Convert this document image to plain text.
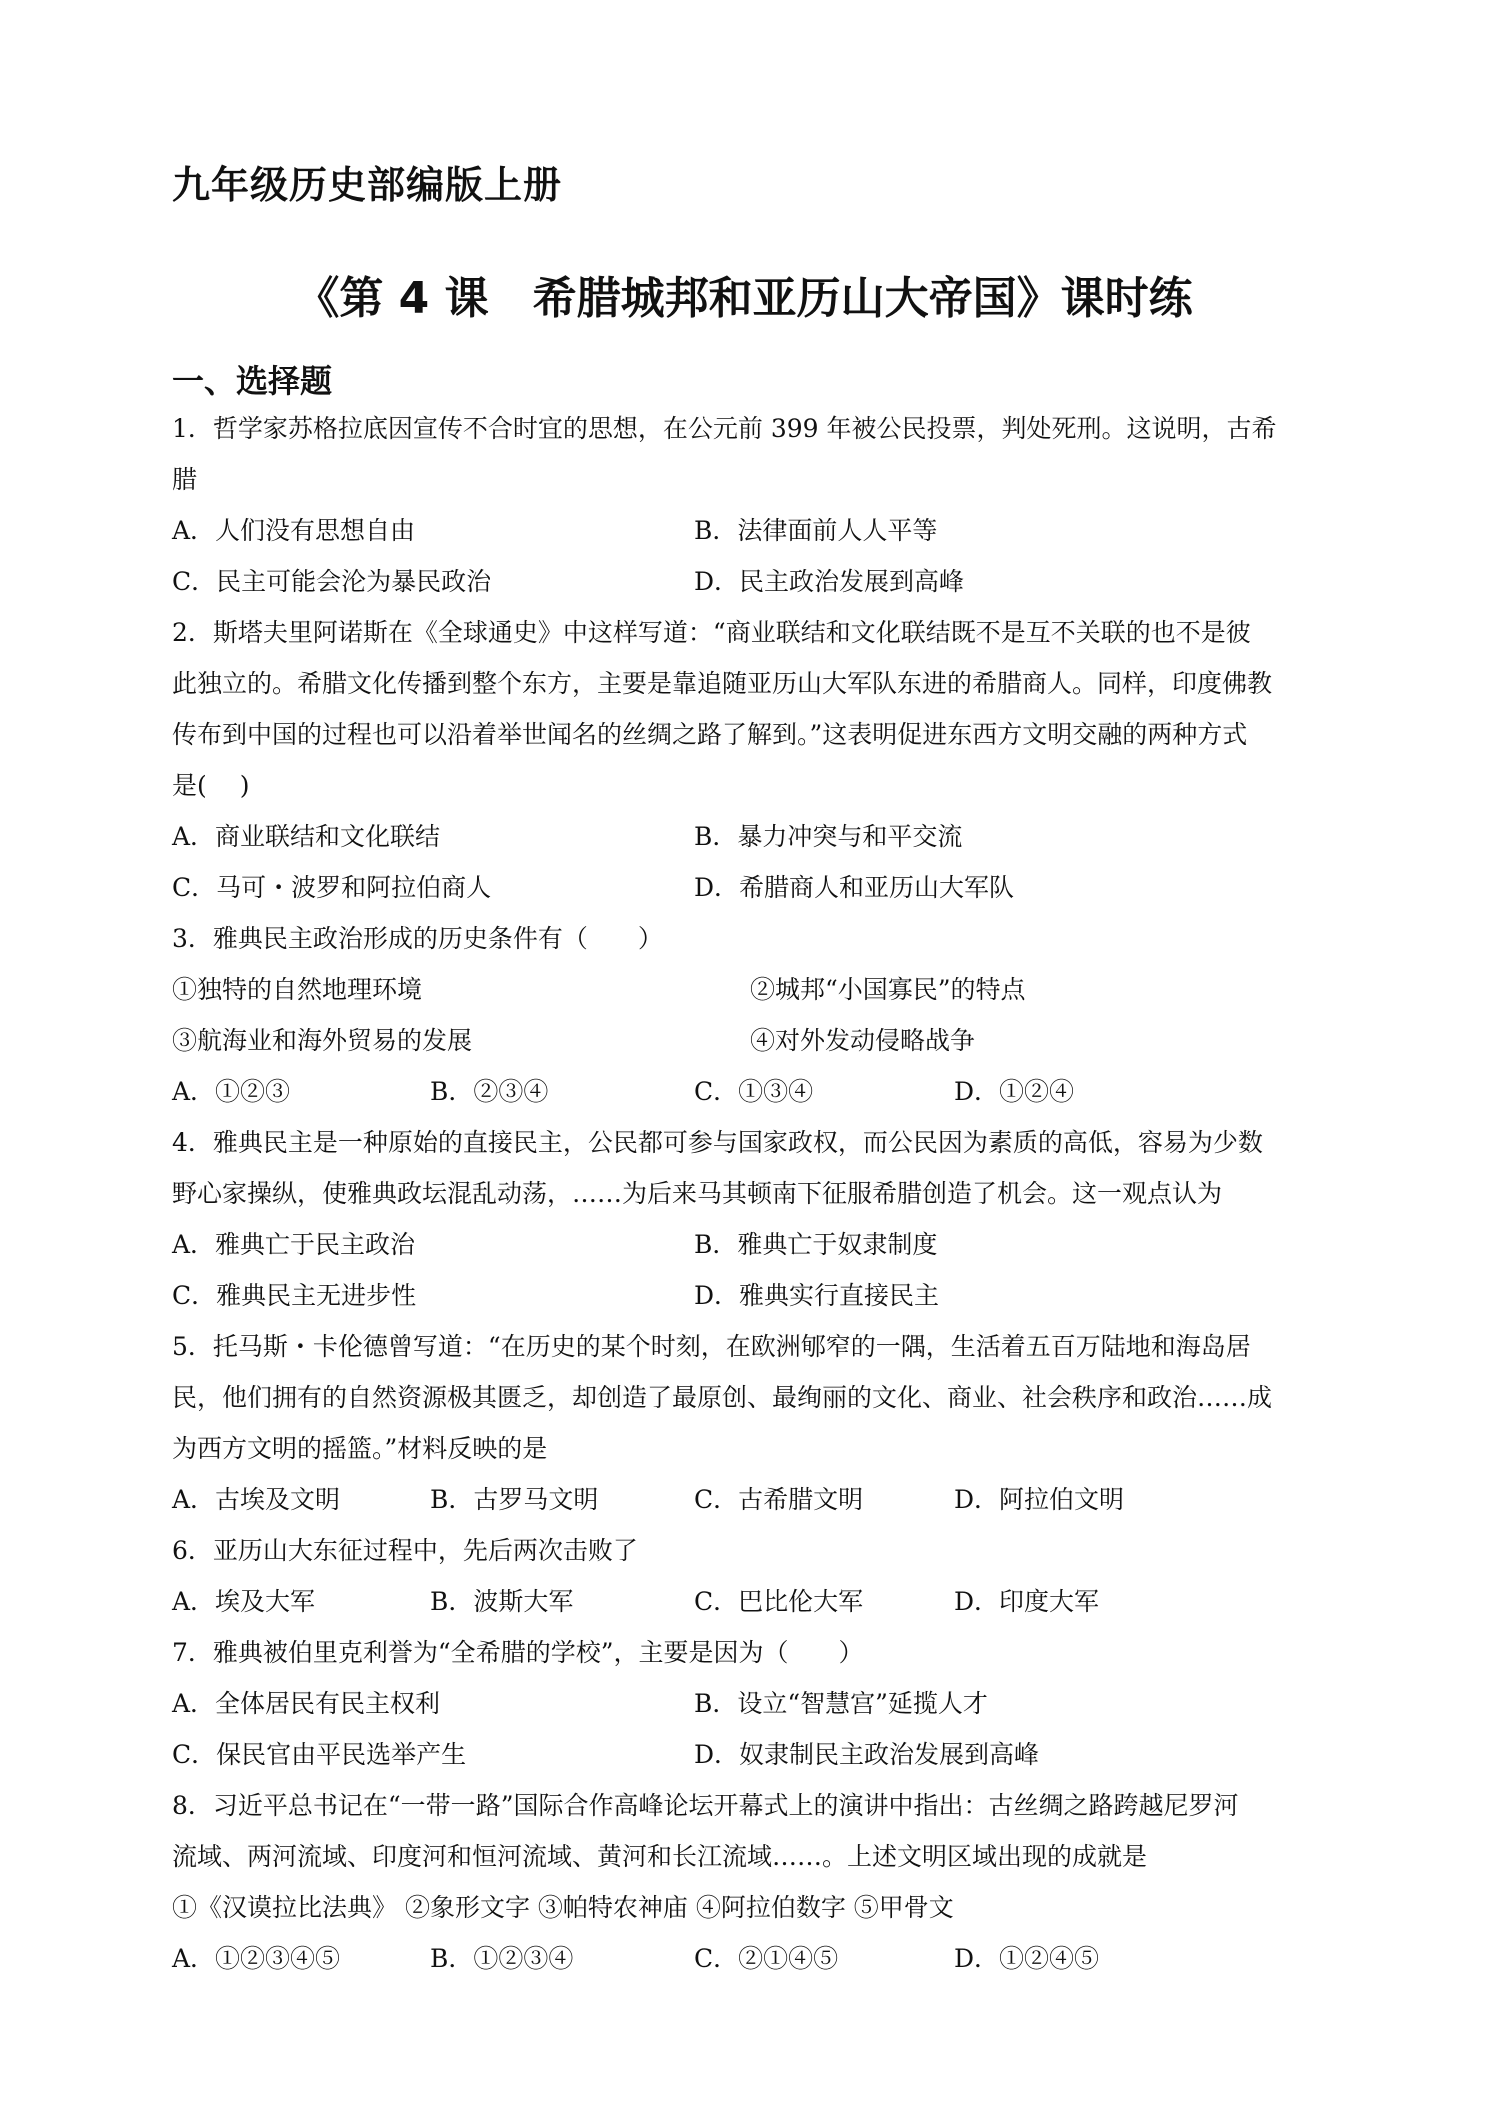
九年级历史部编版上册
《第 4 课　希腊城邦和亚历山大帝国》课时练
一、选择题
1．哲学家苏格拉底因宣传不合时宜的思想，在公元前 399 年被公民投票，判处死刑。这说明，古希
腊
A．人们没有思想自由	B．法律面前人人平等
C．民主可能会沦为暴民政治	D．民主政治发展到高峰
2．斯塔夫里阿诺斯在《全球通史》中这样写道：“商业联结和文化联结既不是互不关联的也不是彼
此独立的。希腊文化传播到整个东方，主要是靠追随亚历山大军队东进的希腊商人。同样，印度佛教
传布到中国的过程也可以沿着举世闻名的丝绸之路了解到。”这表明促进东西方文明交融的两种方式
是(　 )
A．商业联结和文化联结	B．暴力冲突与和平交流
C．马可・波罗和阿拉伯商人	D．希腊商人和亚历山大军队
3．雅典民主政治形成的历史条件有（　　）
①独特的自然地理环境	②城邦“小国寡民”的特点
③航海业和海外贸易的发展	④对外发动侵略战争
A．①②③	B．②③④	C．①③④	D．①②④
4．雅典民主是一种原始的直接民主，公民都可参与国家政权，而公民因为素质的高低，容易为少数
野心家操纵，使雅典政坛混乱动荡，……为后来马其顿南下征服希腊创造了机会。这一观点认为
A．雅典亡于民主政治	B．雅典亡于奴隶制度
C．雅典民主无进步性	D．雅典实行直接民主
5．托马斯・卡伦德曾写道：“在历史的某个时刻，在欧洲郇窄的一隅，生活着五百万陆地和海岛居
民，他们拥有的自然资源极其匮乏，却创造了最原创、最绚丽的文化、商业、社会秩序和政治……成
为西方文明的摇篮。”材料反映的是
A．古埃及文明	B．古罗马文明	C．古希腊文明	D．阿拉伯文明
6．亚历山大东征过程中，先后两次击败了
A．埃及大军	B．波斯大军	C．巴比伦大军	D．印度大军
7．雅典被伯里克利誉为“全希腊的学校”，主要是因为（　　）
A．全体居民有民主权利	B．设立“智慧宫”延揽人才
C．保民官由平民选举产生	D．奴隶制民主政治发展到高峰
8．习近平总书记在“一带一路”国际合作高峰论坛开幕式上的演讲中指出：古丝绸之路跨越尼罗河
流域、两河流域、印度河和恒河流域、黄河和长江流域……。上述文明区域出现的成就是
①《汉谟拉比法典》 ②象形文字 ③帕特农神庙 ④阿拉伯数字 ⑤甲骨文
A．①②③④⑤	B．①②③④	C．②①④⑤	D．①②④⑤
